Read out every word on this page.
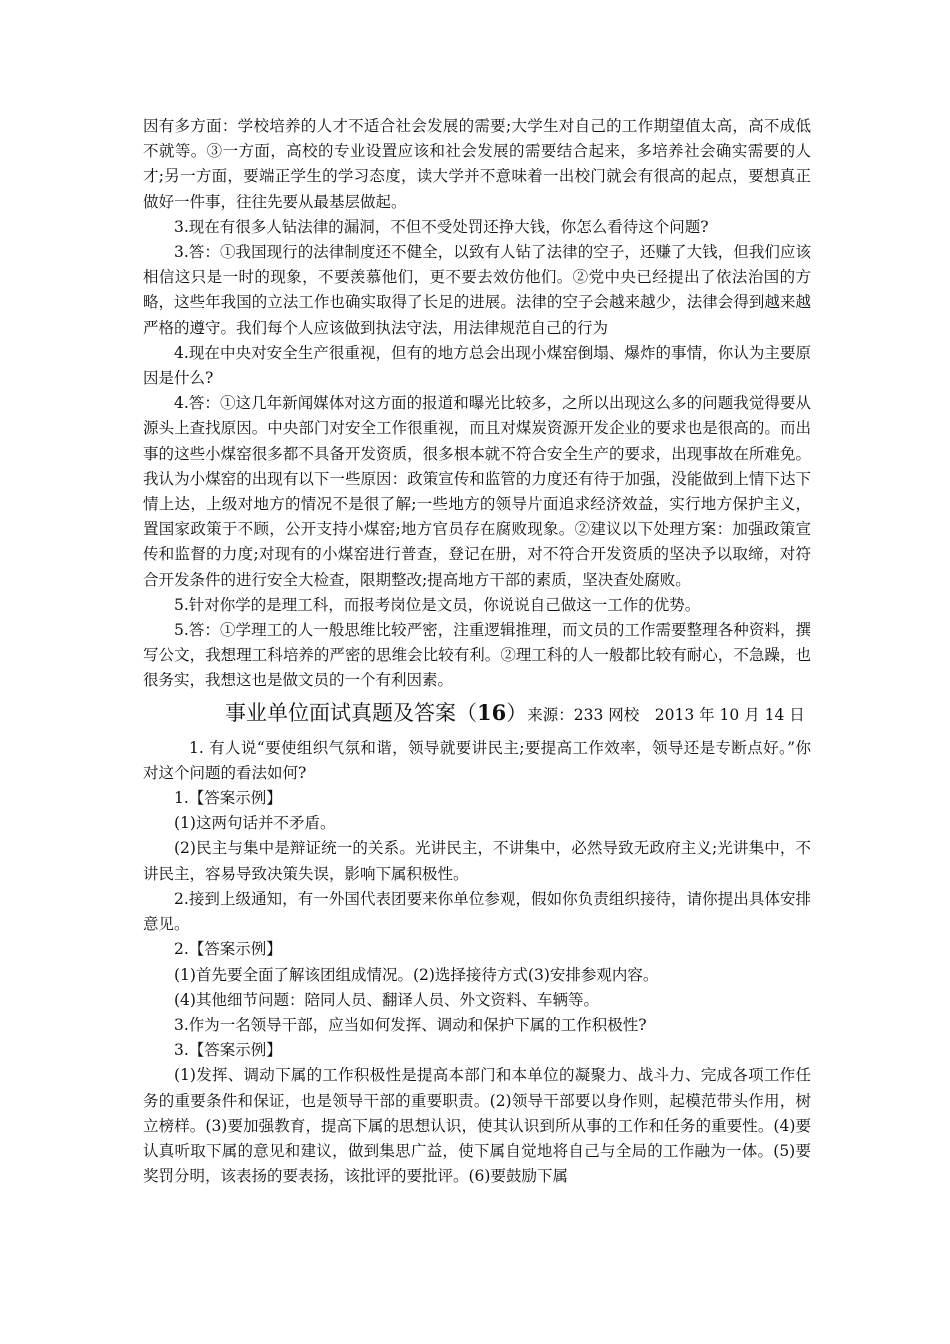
因有多方面：学校培养的人才不适合社会发展的需要;大学生对自己的工作期望值太高，高不成低不就等。③一方面，高校的专业设置应该和社会发展的需要结合起来，多培养社会确实需要的人才;另一方面，要端正学生的学习态度，读大学并不意味着一出校门就会有很高的起点，要想真正做好一件事，往往先要从最基层做起。

3.现在有很多人钻法律的漏洞，不但不受处罚还挣大钱，你怎么看待这个问题?

3.答：①我国现行的法律制度还不健全，以致有人钻了法律的空子，还赚了大钱，但我们应该相信这只是一时的现象，不要羡慕他们，更不要去效仿他们。②党中央已经提出了依法治国的方略，这些年我国的立法工作也确实取得了长足的进展。法律的空子会越来越少，法律会得到越来越严格的遵守。我们每个人应该做到执法守法，用法律规范自己的行为

4.现在中央对安全生产很重视，但有的地方总会出现小煤窑倒塌、爆炸的事情，你认为主要原因是什么?

4.答：①这几年新闻媒体对这方面的报道和曝光比较多，之所以出现这么多的问题我觉得要从源头上查找原因。中央部门对安全工作很重视，而且对煤炭资源开发企业的要求也是很高的。而出事的这些小煤窑很多都不具备开发资质，很多根本就不符合安全生产的要求，出现事故在所难免。我认为小煤窑的出现有以下一些原因：政策宣传和监管的力度还有待于加强，没能做到上情下达下情上达，上级对地方的情况不是很了解;一些地方的领导片面追求经济效益，实行地方保护主义，置国家政策于不顾，公开支持小煤窑;地方官员存在腐败现象。②建议以下处理方案：加强政策宣传和监督的力度;对现有的小煤窑进行普查，登记在册，对不符合开发资质的坚决予以取缔，对符合开发条件的进行安全大检查，限期整改;提高地方干部的素质，坚决查处腐败。

5.针对你学的是理工科，而报考岗位是文员，你说说自己做这一工作的优势。

5.答：①学理工的人一般思维比较严密，注重逻辑推理，而文员的工作需要整理各种资料，撰写公文，我想理工科培养的严密的思维会比较有利。②理工科的人一般都比较有耐心，不急躁，也很务实，我想这也是做文员的一个有利因素。

事业单位面试真题及答案（16）来源：233 网校　2013 年 10 月 14 日

1. 有人说“要使组织气氛和谐，领导就要讲民主;要提高工作效率，领导还是专断点好。”你对这个问题的看法如何?

1.【答案示例】

(1)这两句话并不矛盾。

(2)民主与集中是辩证统一的关系。光讲民主，不讲集中，必然导致无政府主义;光讲集中，不讲民主，容易导致决策失误，影响下属积极性。

2.接到上级通知，有一外国代表团要来你单位参观，假如你负责组织接待，请你提出具体安排意见。

2.【答案示例】

(1)首先要全面了解该团组成情况。(2)选择接待方式(3)安排参观内容。

(4)其他细节问题：陪同人员、翻译人员、外文资料、车辆等。

3.作为一名领导干部，应当如何发挥、调动和保护下属的工作积极性?

3.【答案示例】

(1)发挥、调动下属的工作积极性是提高本部门和本单位的凝聚力、战斗力、完成各项工作任务的重要条件和保证，也是领导干部的重要职责。(2)领导干部要以身作则，起模范带头作用，树立榜样。(3)要加强教育，提高下属的思想认识，使其认识到所从事的工作和任务的重要性。(4)要认真听取下属的意见和建议，做到集思广益，使下属自觉地将自己与全局的工作融为一体。(5)要奖罚分明，该表扬的要表扬，该批评的要批评。(6)要鼓励下属
